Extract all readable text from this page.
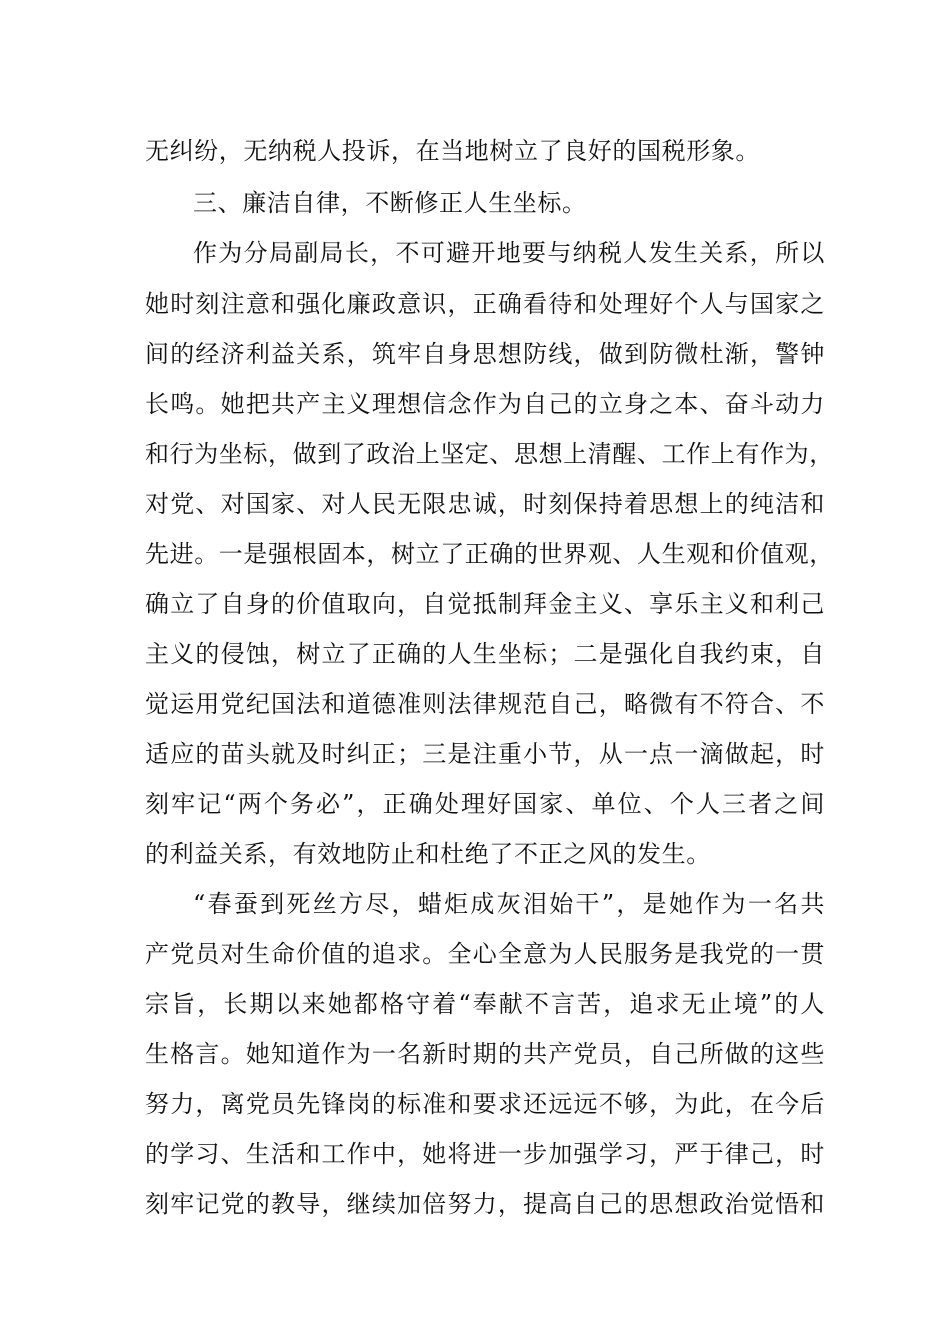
无纠纷，无纳税人投诉，在当地树立了良好的国税形象。
三、廉洁自律，不断修正人生坐标。
作为分局副局长，不可避开地要与纳税人发生关系，所以
她时刻注意和强化廉政意识，正确看待和处理好个人与国家之
间的经济利益关系，筑牢自身思想防线，做到防微杜渐，警钟
长鸣。她把共产主义理想信念作为自己的立身之本、奋斗动力
和行为坐标，做到了政治上坚定、思想上清醒、工作上有作为，
对党、对国家、对人民无限忠诚，时刻保持着思想上的纯洁和
先进。一是强根固本，树立了正确的世界观、人生观和价值观，
确立了自身的价值取向，自觉抵制拜金主义、享乐主义和利己
主义的侵蚀，树立了正确的人生坐标；二是强化自我约束，自
觉运用党纪国法和道德准则法律规范自己，略微有不符合、不
适应的苗头就及时纠正；三是注重小节，从一点一滴做起，时
刻牢记“两个务必”，正确处理好国家、单位、个人三者之间
的利益关系，有效地防止和杜绝了不正之风的发生。
“春蚕到死丝方尽，蜡炬成灰泪始干”，是她作为一名共
产党员对生命价值的追求。全心全意为人民服务是我党的一贯
宗旨，长期以来她都格守着“奉献不言苦，追求无止境”的人
生格言。她知道作为一名新时期的共产党员，自己所做的这些
努力，离党员先锋岗的标准和要求还远远不够，为此，在今后
的学习、生活和工作中，她将进一步加强学习，严于律己，时
刻牢记党的教导，继续加倍努力，提高自己的思想政治觉悟和
